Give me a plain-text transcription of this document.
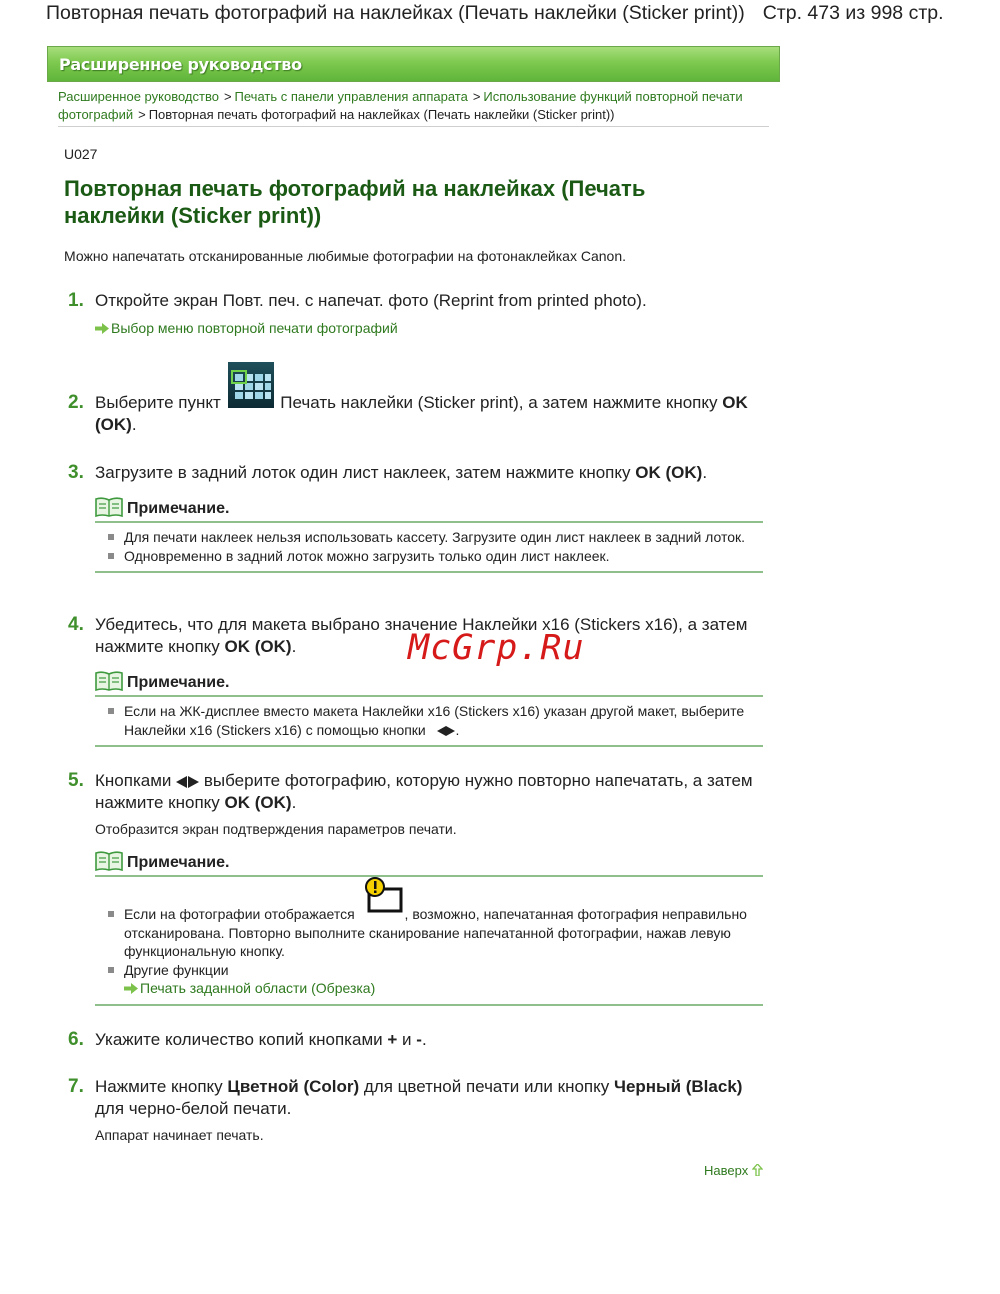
Повторная печать фотографий на наклейках (Печать наклейки (Sticker print)) Стр. 473 из 998 стр.
Расширенное руководство
Расширенное руководство > Печать с панели управления аппарата > Использование функций повторной печати фотографий > Повторная печать фотографий на наклейках (Печать наклейки (Sticker print))
U027
Повторная печать фотографий на наклейках (Печать наклейки (Sticker print))
Можно напечатать отсканированные любимые фотографии на фотонаклейках Canon.
1. Откройте экран Повт. печ. с напечат. фото (Reprint from printed photo).
Выбор меню повторной печати фотографий
2. Выберите пункт	Печать наклейки (Sticker print), а затем нажмите кнопку OK (OK).
3. Загрузите в задний лоток один лист наклеек, затем нажмите кнопку OK (OK).
Примечание.
Для печати наклеек нельзя использовать кассету. Загрузите один лист наклеек в задний лоток.
Одновременно в задний лоток можно загрузить только один лист наклеек.
4. Убедитесь, что для макета выбрано значение Наклейки x16 (Stickers x16), а затем нажмите кнопку OK (OK).	McGrp.Ru
Примечание.
Если на ЖК-дисплее вместо макета Наклейки x16 (Stickers x16) указан другой макет, выберите Наклейки x16 (Stickers x16) с помощью кнопки .
5. Кнопками выберите фотографию, которую нужно повторно напечатать, а затем нажмите кнопку OK (OK).
Отобразится экран подтверждения параметров печати.
Примечание.
Если на фотографии отображается	, возможно, напечатанная фотография неправильно отсканирована. Повторно выполните сканирование напечатанной фотографии, нажав левую функциональную кнопку.
Другие функции
Печать заданной области (Обрезка)
6. Укажите количество копий кнопками + и -.
7. Нажмите кнопку Цветной (Color) для цветной печати или кнопку Черный (Black) для черно-белой печати.
Аппарат начинает печать.
Наверх
